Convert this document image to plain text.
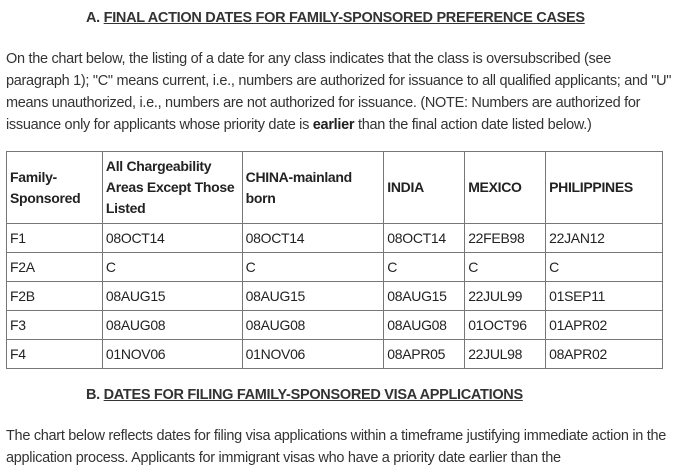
A. FINAL ACTION DATES FOR FAMILY-SPONSORED PREFERENCE CASES
On the chart below, the listing of a date for any class indicates that the class is oversubscribed (see paragraph 1); "C" means current, i.e., numbers are authorized for issuance to all qualified applicants; and "U" means unauthorized, i.e., numbers are not authorized for issuance. (NOTE: Numbers are authorized for issuance only for applicants whose priority date is earlier than the final action date listed below.)
Family-Sponsored	All Chargeability Areas Except Those Listed	CHINA-mainland born	INDIA	MEXICO	PHILIPPINES
F1	08OCT14	08OCT14	08OCT14	22FEB98	22JAN12
F2A	C	C	C	C	C
F2B	08AUG15	08AUG15	08AUG15	22JUL99	01SEP11
F3	08AUG08	08AUG08	08AUG08	01OCT96	01APR02
F4	01NOV06	01NOV06	08APR05	22JUL98	08APR02
B. DATES FOR FILING FAMILY-SPONSORED VISA APPLICATIONS
The chart below reflects dates for filing visa applications within a timeframe justifying immediate action in the application process. Applicants for immigrant visas who have a priority date earlier than the
